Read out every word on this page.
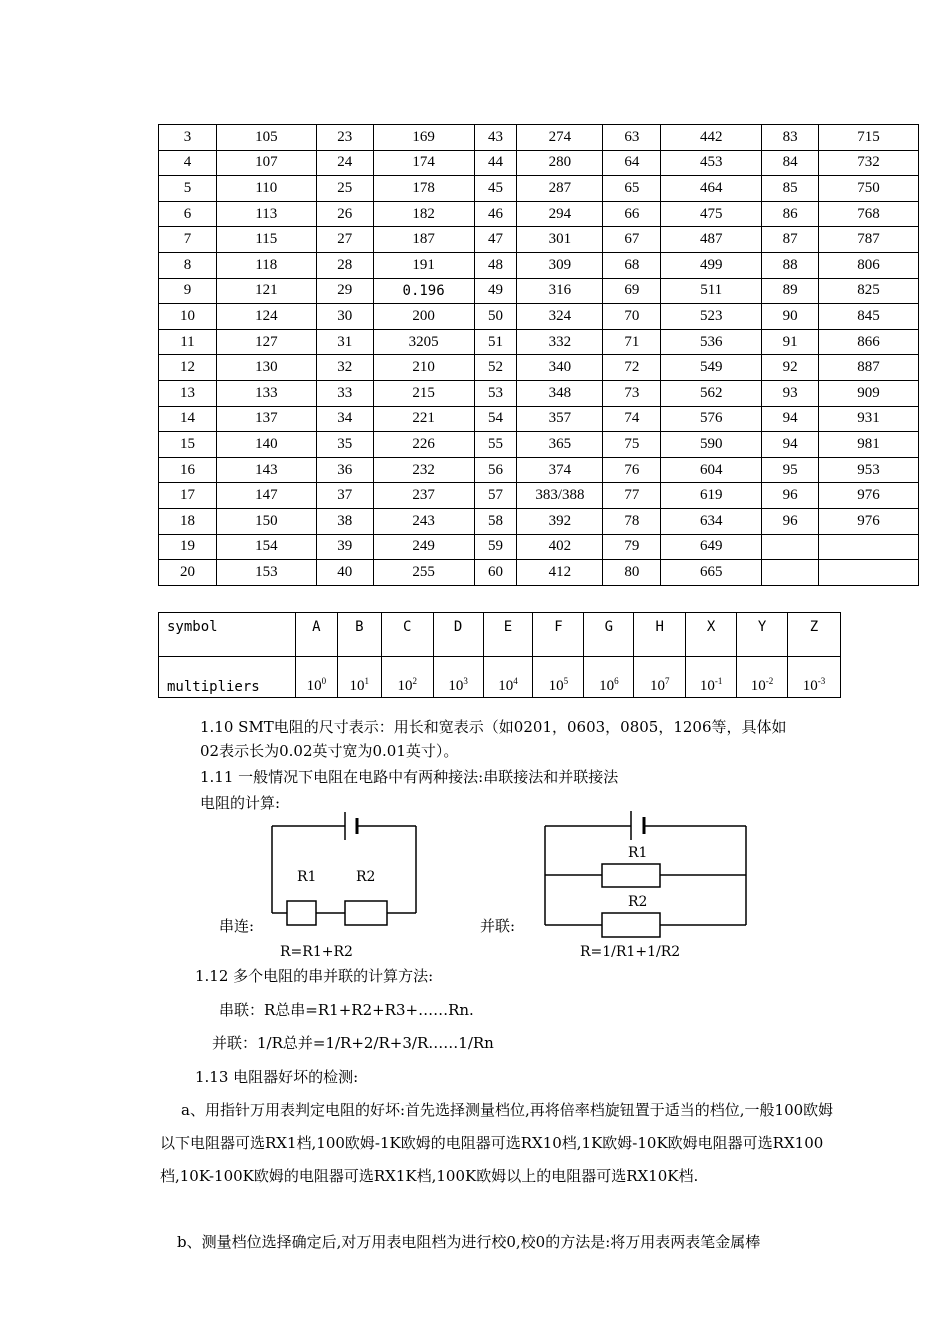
3	105	23	169	43	274	63	442	83	715
4	107	24	174	44	280	64	453	84	732
5	110	25	178	45	287	65	464	85	750
6	113	26	182	46	294	66	475	86	768
7	115	27	187	47	301	67	487	87	787
8	118	28	191	48	309	68	499	88	806
9	121	29	0.196	49	316	69	511	89	825
10	124	30	200	50	324	70	523	90	845
11	127	31	3205	51	332	71	536	91	866
12	130	32	210	52	340	72	549	92	887
13	133	33	215	53	348	73	562	93	909
14	137	34	221	54	357	74	576	94	931
15	140	35	226	55	365	75	590	94	981
16	143	36	232	56	374	76	604	95	953
17	147	37	237	57	383/388	77	619	96	976
18	150	38	243	58	392	78	634	96	976
19	154	39	249	59	402	79	649		
20	153	40	255	60	412	80	665		
symbol	A	B	C	D	E	F	G	H	X	Y	Z
multipliers	$10^0$	$10^1$	$10^2$	$10^3$	$10^4$	$10^5$	$10^6$	$10^7$	$10^{-1}$	$10^{-2}$	$10^{-3}$
1.10 SMT电阻的尺寸表示：用长和宽表示（如0201，0603，0805，1206等，具体如
02表示长为0.02英寸宽为0.01英寸）。
1.11 一般情况下电阻在电路中有两种接法:串联接法和并联接法
电阻的计算:
R1	R2
R=R1+R2
串连:
R1
R2
R=1/R1+1/R2
并联:
1.12 多个电阻的串并联的计算方法:
串联：R总串=R1+R2+R3+……Rn.
并联：1/R总并=1/R+2/R+3/R……1/Rn
1.13 电阻器好坏的检测:
a、用指针万用表判定电阻的好坏:首先选择测量档位,再将倍率档旋钮置于适当的档位,一般100欧姆以下电阻器可选RX1档,100欧姆-1K欧姆的电阻器可选RX10档,1K欧姆-10K欧姆电阻器可选RX100档,10K-100K欧姆的电阻器可选RX1K档,100K欧姆以上的电阻器可选RX10K档.
b、测量档位选择确定后,对万用表电阻档为进行校0,校0的方法是:将万用表两表笔金属棒
